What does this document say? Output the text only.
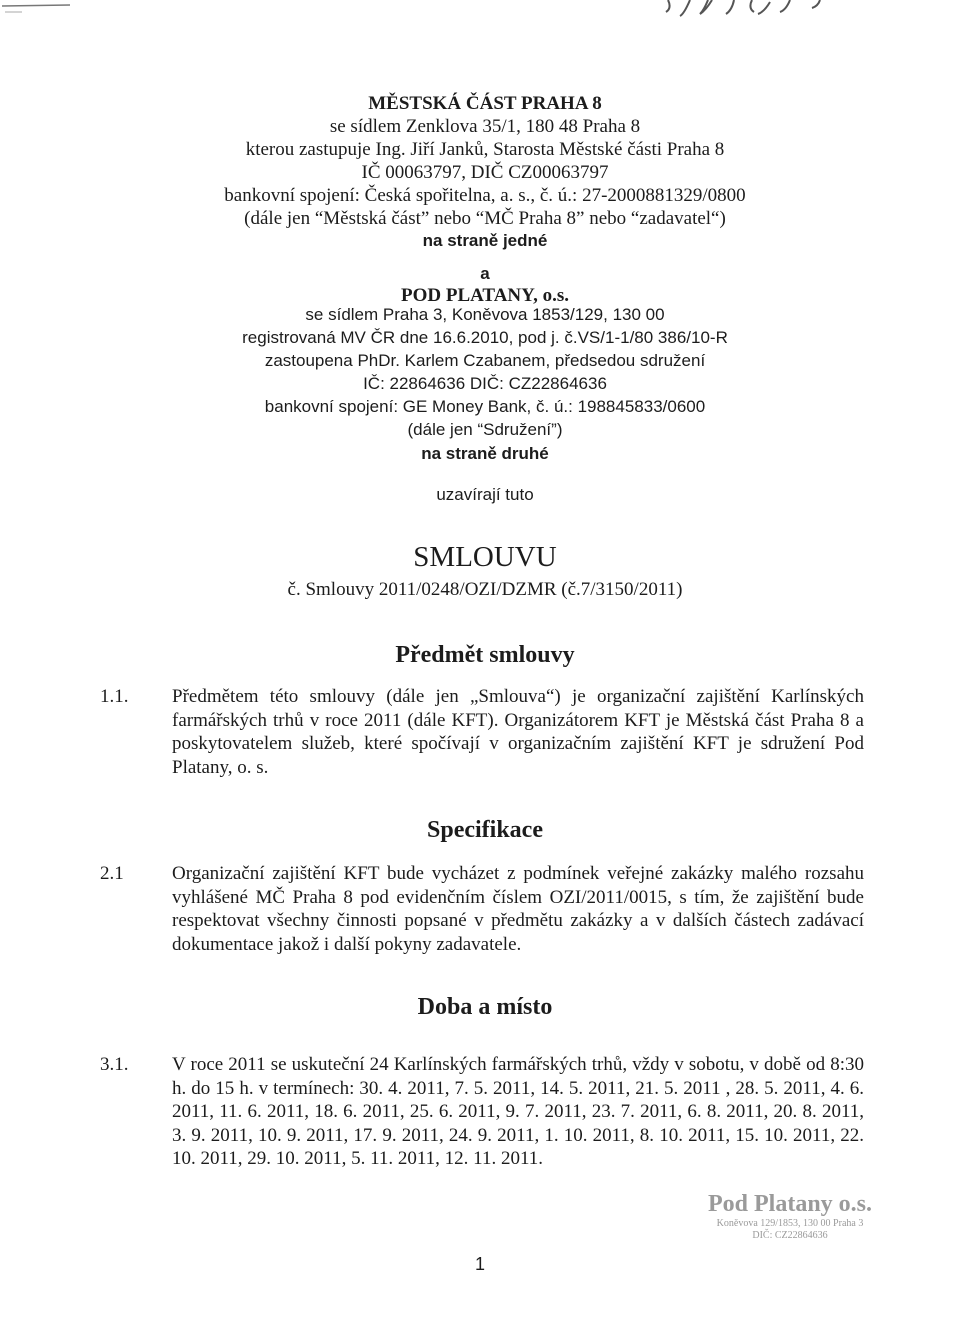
MĚSTSKÁ ČÁST PRAHA 8
se sídlem Zenklova 35/1, 180 48 Praha 8
kterou zastupuje Ing. Jiří Janků, Starosta Městské části Praha 8
IČ 00063797, DIČ CZ00063797
bankovní spojení: Česká spořitelna, a. s., č. ú.: 27-2000881329/0800
(dále jen “Městská část” nebo “MČ Praha 8” nebo “zadavatel“)
na straně jedné
a
POD PLATANY, o.s.
se sídlem Praha 3, Koněvova 1853/129, 130 00
registrovaná MV ČR dne 16.6.2010, pod j. č.VS/1-1/80 386/10-R
zastoupena PhDr. Karlem Czabanem, předsedou sdružení
IČ: 22864636 DIČ: CZ22864636
bankovní spojení: GE Money Bank, č. ú.: 198845833/0600
(dále jen “Sdružení”)
na straně druhé
uzavírají tuto
SMLOUVU
č. Smlouvy 2011/0248/OZI/DZMR (č.7/3150/2011)
Předmět smlouvy
1.1. Předmětem této smlouvy (dále jen „Smlouva“) je organizační zajištění Karlínských farmářských trhů v roce 2011 (dále KFT). Organizátorem KFT je Městská část Praha 8 a poskytovatelem služeb, které spočívají v organizačním zajištění KFT je sdružení Pod Platany, o. s.
Specifikace
2.1	Organizační zajištění KFT bude vycházet z podmínek veřejné zakázky malého rozsahu vyhlášené MČ Praha 8 pod evidenčním číslem OZI/2011/0015, s tím, že zajištění bude respektovat všechny činnosti popsané v předmětu zakázky a v dalších částech zadávací dokumentace jakož i další pokyny zadavatele.
Doba a místo
3.1. V roce 2011 se uskuteční 24 Karlínských farmářských trhů, vždy v sobotu, v době od 8:30 h. do 15 h. v termínech: 30. 4. 2011, 7. 5. 2011, 14. 5. 2011, 21. 5. 2011 , 28. 5. 2011, 4. 6. 2011, 11. 6. 2011, 18. 6. 2011, 25. 6. 2011, 9. 7. 2011, 23. 7. 2011, 6. 8. 2011, 20. 8. 2011, 3. 9. 2011, 10. 9. 2011, 17. 9. 2011, 24. 9. 2011, 1. 10. 2011, 8. 10. 2011, 15. 10. 2011, 22. 10. 2011, 29. 10. 2011, 5. 11. 2011, 12. 11. 2011.
Pod Platany o.s.
Koněvova 129/1853, 130 00 Praha 3
DIČ: CZ22864636
1
